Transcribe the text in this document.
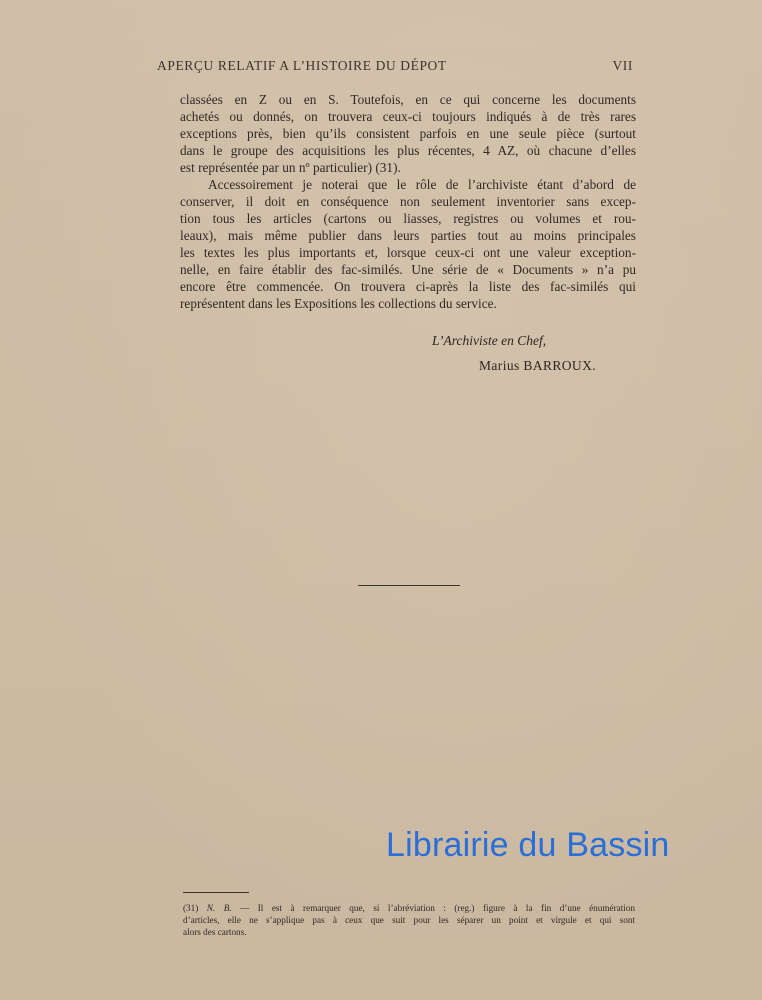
APERÇU RELATIF A L’HISTOIRE DU DÉPOT	VII
classées en Z ou en S. Toutefois, en ce qui concerne les documents
achetés ou donnés, on trouvera ceux-ci toujours indiqués à de très rares
exceptions près, bien qu’ils consistent parfois en une seule pièce (surtout
dans le groupe des acquisitions les plus récentes, 4 AZ, où chacune d’elles
est représentée par un nº particulier) (31).
Accessoirement je noterai que le rôle de l’archiviste étant d’abord de
conserver, il doit en conséquence non seulement inventorier sans excep-
tion tous les articles (cartons ou liasses, registres ou volumes et rou-
leaux), mais même publier dans leurs parties tout au moins principales
les textes les plus importants et, lorsque ceux-ci ont une valeur exception-
nelle, en faire établir des fac-similés. Une série de « Documents » n’a pu
encore être commencée. On trouvera ci-après la liste des fac-similés qui
représentent dans les Expositions les collections du service.
L’Archiviste en Chef,
Marius BARROUX.
Librairie du Bassin
(31) N. B. — Il est à remarquer que, si l’abréviation : (reg.) figure à la fin d’une énumération
d’articles, elle ne s’applique pas à ceux que suit pour les séparer un point et virgule et qui sont
alors des cartons.
